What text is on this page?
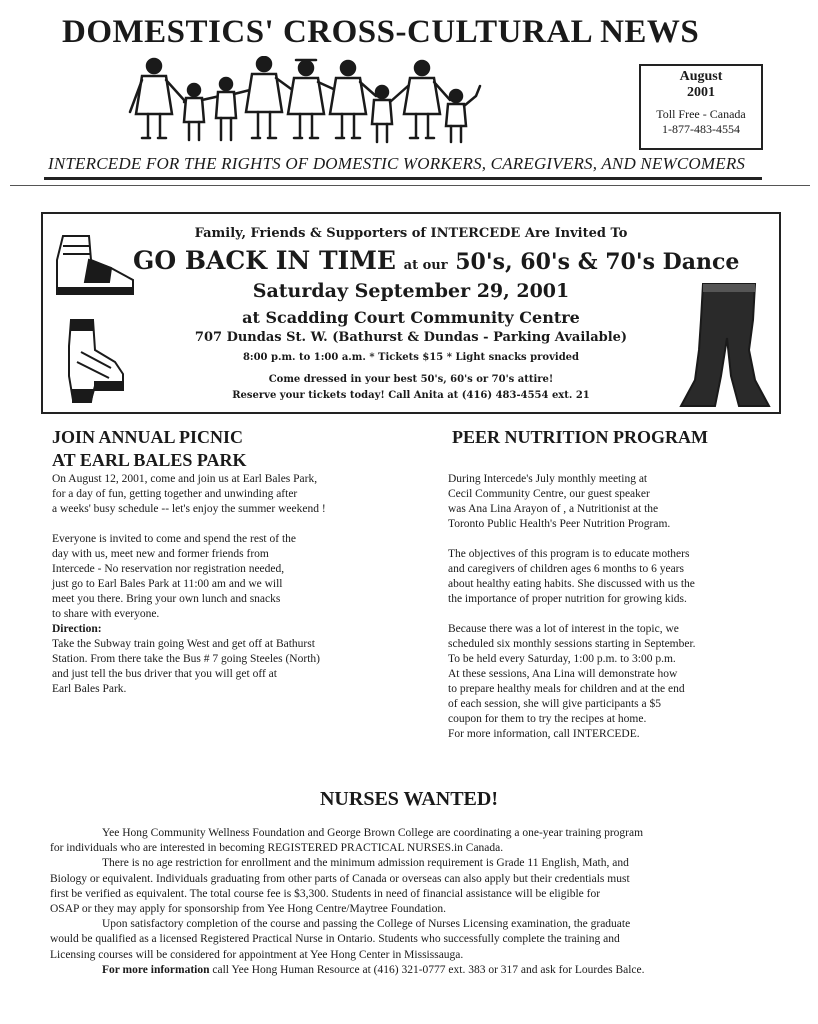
DOMESTICS' CROSS-CULTURAL NEWS
August
2001
Toll Free - Canada
1-877-483-4554
INTERCEDE FOR THE RIGHTS OF DOMESTIC WORKERS, CAREGIVERS, AND NEWCOMERS
Family, Friends & Supporters of INTERCEDE Are Invited To
GO BACK IN TIME at our 50's, 60's & 70's Dance
Saturday September 29, 2001
at Scadding Court Community Centre
707 Dundas St. W. (Bathurst & Dundas - Parking Available)
8:00 p.m. to 1:00 a.m. * Tickets $15 * Light snacks provided
Come dressed in your best 50's, 60's or 70's attire!
Reserve your tickets today! Call Anita at (416) 483-4554 ext. 21
JOIN ANNUAL PICNIC
AT EARL BALES PARK
On August 12, 2001, come and join us at Earl Bales Park,
for a day of fun, getting together and unwinding after
a weeks' busy schedule -- let's enjoy the summer weekend !
Everyone is invited to come and spend the rest of the
day with us, meet new and former friends from
Intercede - No reservation nor registration needed,
just go to Earl Bales Park at 11:00 am and we will
meet you there. Bring your own lunch and snacks
to share with everyone.
Direction:
Take the Subway train going West and get off at Bathurst
Station. From there take the Bus # 7 going Steeles (North)
and just tell the bus driver that you will get off at
Earl Bales Park.
PEER NUTRITION PROGRAM
During Intercede's July monthly meeting at
Cecil Community Centre, our guest speaker
was Ana Lina Arayon of , a Nutritionist at the
Toronto Public Health's Peer Nutrition Program.
The objectives of this program is to educate mothers
and caregivers of children ages 6 months to 6 years
about healthy eating habits. She discussed with us the
the importance of proper nutrition for growing kids.
Because there was a lot of interest in the topic, we
scheduled six monthly sessions starting in September.
To be held every Saturday, 1:00 p.m. to 3:00 p.m.
At these sessions, Ana Lina will demonstrate how
to prepare healthy meals for children and at the end
of each session, she will give participants a $5
coupon for them to try the recipes at home.
For more information, call INTERCEDE.
NURSES WANTED!
Yee Hong Community Wellness Foundation and George Brown College are coordinating a one-year training program
for individuals who are interested in becoming REGISTERED PRACTICAL NURSES.in Canada.
There is no age restriction for enrollment and the minimum admission requirement is Grade 11 English, Math, and
Biology or equivalent. Individuals graduating from other parts of Canada or overseas can also apply but their credentials must
first be verified as equivalent. The total course fee is $3,300. Students in need of financial assistance will be eligible for
OSAP or they may apply for sponsorship from Yee Hong Centre/Maytree Foundation.
Upon satisfactory completion of the course and passing the College of Nurses Licensing examination, the graduate
would be qualified as a licensed Registered Practical Nurse in Ontario. Students who successfully complete the training and
Licensing courses will be considered for appointment at Yee Hong Center in Mississauga.
For more information call Yee Hong Human Resource at (416) 321-0777 ext. 383 or 317 and ask for Lourdes Balce.
